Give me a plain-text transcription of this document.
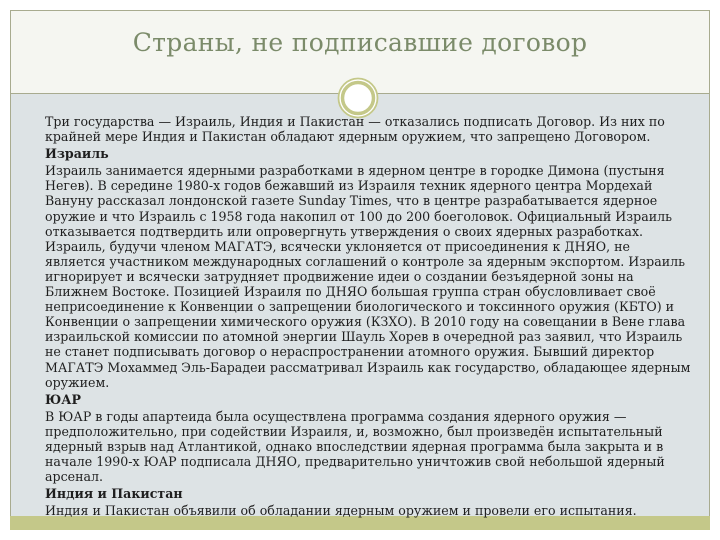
Страны, не подписавшие договор

Три государства — Израиль, Индия и Пакистан — отказались подписать Договор. Из них по крайней мере Индия и Пакистан обладают ядерным оружием, что запрещено Договором.

Израиль

Израиль занимается ядерными разработками в ядерном центре в городке Димона (пустыня Негев). В середине 1980-х годов бежавший из Израиля техник ядерного центра Мордехай Вануну рассказал лондонской газете Sunday Times, что в центре разрабатывается ядерное оружие и что Израиль с 1958 года накопил от 100 до 200 боеголовок. Официальный Израиль отказывается подтвердить или опровергнуть утверждения о своих ядерных разработках. Израиль, будучи членом МАГАТЭ, всячески уклоняется от присоединения к ДНЯО, не является участником международных соглашений о контроле за ядерным экспортом. Израиль игнорирует и всячески затрудняет продвижение идеи о создании безъядерной зоны на Ближнем Востоке. Позицией Израиля по ДНЯО большая группа стран обусловливает своё неприсоединение к Конвенции о запрещении биологического и токсинного оружия (КБТО) и Конвенции о запрещении химического оружия (КЗХО). В 2010 году на совещании в Вене глава израильской комиссии по атомной энергии Шауль Хорев в очередной раз заявил, что Израиль не станет подписывать договор о нераспространении атомного оружия. Бывший директор МАГАТЭ Мохаммед Эль-Барадеи рассматривал Израиль как государство, обладающее ядерным оружием.

ЮАР

В ЮАР в годы апартеида была осуществлена программа создания ядерного оружия — предположительно, при содействии Израиля, и, возможно, был произведён испытательный ядерный взрыв над Атлантикой, однако впоследствии ядерная программа была закрыта и в начале 1990-х ЮАР подписала ДНЯО, предварительно уничтожив свой небольшой ядерный арсенал.

Индия и Пакистан

Индия и Пакистан объявили об обладании ядерным оружием и провели его испытания.
